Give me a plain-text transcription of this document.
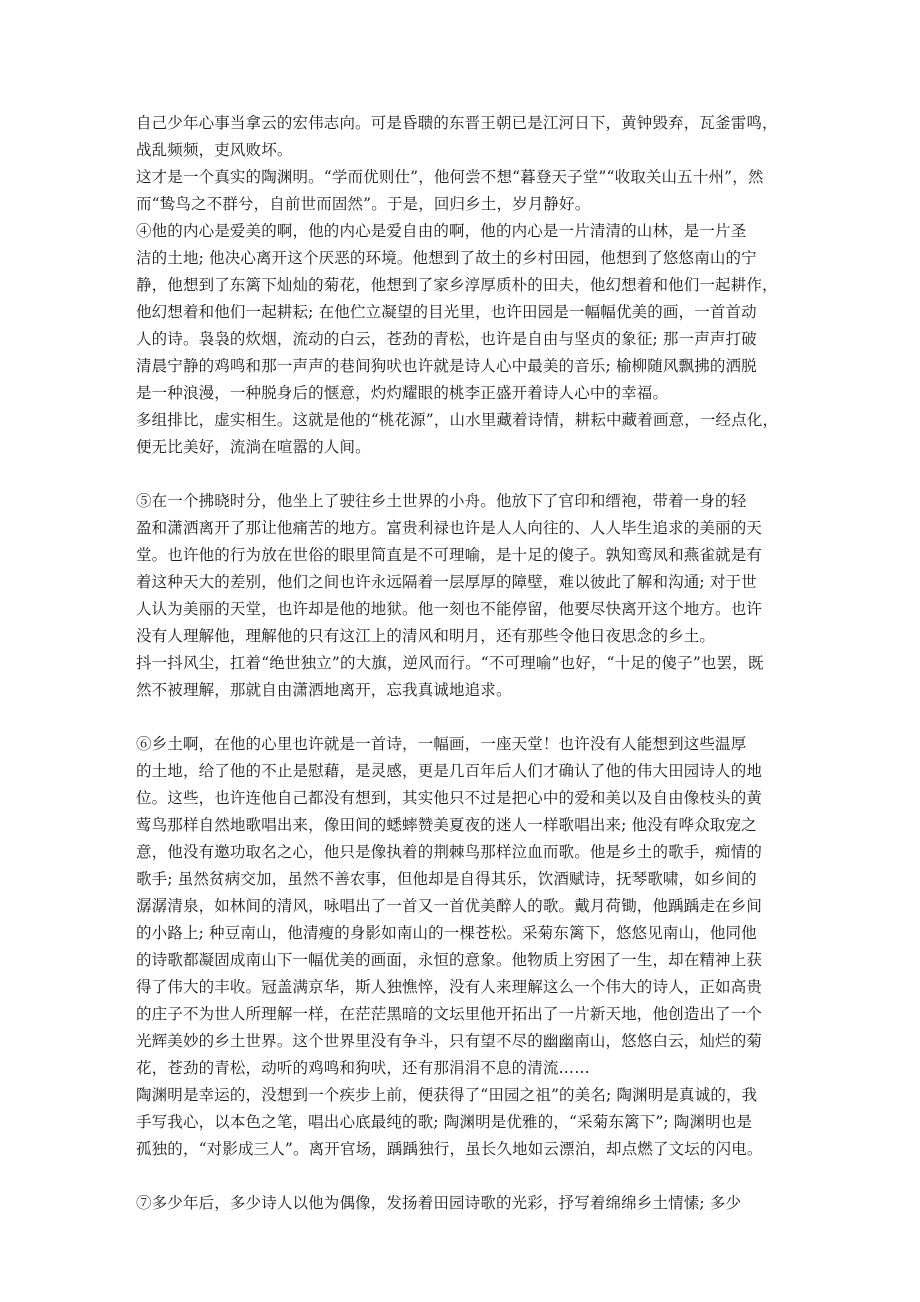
自己少年心事当拿云的宏伟志向。可是昏聩的东晋王朝已是江河日下，黄钟毁弃，瓦釜雷鸣，
战乱频频，吏风败坏。
这才是一个真实的陶渊明。“学而优则仕”，他何尝不想“暮登天子堂”“收取关山五十州”，然
而“鸷鸟之不群兮，自前世而固然”。于是，回归乡土，岁月静好。
④他的内心是爱美的啊，他的内心是爱自由的啊，他的内心是一片清清的山林，是一片圣
洁的土地; 他决心离开这个厌恶的环境。他想到了故土的乡村田园，他想到了悠悠南山的宁
静，他想到了东篱下灿灿的菊花，他想到了家乡淳厚质朴的田夫，他幻想着和他们一起耕作，
他幻想着和他们一起耕耘; 在他伫立凝望的目光里，也许田园是一幅幅优美的画，一首首动
人的诗。袅袅的炊烟，流动的白云，苍劲的青松，也许是自由与坚贞的象征; 那一声声打破
清晨宁静的鸡鸣和那一声声的巷间狗吠也许就是诗人心中最美的音乐; 榆柳随风飘拂的洒脱
是一种浪漫，一种脱身后的惬意，灼灼耀眼的桃李正盛开着诗人心中的幸福。
多组排比，虚实相生。这就是他的“桃花源”，山水里藏着诗情，耕耘中藏着画意，一经点化，
便无比美好，流淌在喧嚣的人间。
⑤在一个拂晓时分，他坐上了驶往乡土世界的小舟。他放下了官印和缙袍，带着一身的轻
盈和潇洒离开了那让他痛苦的地方。富贵利禄也许是人人向往的、人人毕生追求的美丽的天
堂。也许他的行为放在世俗的眼里简直是不可理喻，是十足的傻子。孰知鸾凤和燕雀就是有
着这种天大的差别，他们之间也许永远隔着一层厚厚的障壁，难以彼此了解和沟通; 对于世
人认为美丽的天堂，也许却是他的地狱。他一刻也不能停留，他要尽快离开这个地方。也许
没有人理解他，理解他的只有这江上的清风和明月，还有那些令他日夜思念的乡土。
抖一抖风尘，扛着“绝世独立”的大旗，逆风而行。“不可理喻”也好，“十足的傻子”也罢，既
然不被理解，那就自由潇洒地离开，忘我真诚地追求。
⑥乡土啊，在他的心里也许就是一首诗，一幅画，一座天堂！也许没有人能想到这些温厚
的土地，给了他的不止是慰藉，是灵感，更是几百年后人们才确认了他的伟大田园诗人的地
位。这些，也许连他自己都没有想到，其实他只不过是把心中的爱和美以及自由像枝头的黄
莺鸟那样自然地歌唱出来，像田间的蟋蟀赞美夏夜的迷人一样歌唱出来; 他没有哗众取宠之
意，他没有邀功取名之心，他只是像执着的荆棘鸟那样泣血而歌。他是乡土的歌手，痴情的
歌手; 虽然贫病交加，虽然不善农事，但他却是自得其乐，饮酒赋诗，抚琴歌啸，如乡间的
潺潺清泉，如林间的清风，咏唱出了一首又一首优美醉人的歌。戴月荷锄，他踽踽走在乡间
的小路上; 种豆南山，他清瘦的身影如南山的一棵苍松。采菊东篱下，悠悠见南山，他同他
的诗歌都凝固成南山下一幅优美的画面，永恒的意象。他物质上穷困了一生，却在精神上获
得了伟大的丰收。冠盖满京华，斯人独憔悴，没有人来理解这么一个伟大的诗人，正如高贵
的庄子不为世人所理解一样，在茫茫黑暗的文坛里他开拓出了一片新天地，他创造出了一个
光辉美妙的乡土世界。这个世界里没有争斗，只有望不尽的幽幽南山，悠悠白云，灿烂的菊
花，苍劲的青松，动听的鸡鸣和狗吠，还有那涓涓不息的清流……
陶渊明是幸运的，没想到一个疾步上前，便获得了“田园之祖”的美名; 陶渊明是真诚的，我
手写我心，以本色之笔，唱出心底最纯的歌; 陶渊明是优雅的，“采菊东篱下”; 陶渊明也是
孤独的，“对影成三人”。离开官场，踽踽独行，虽长久地如云漂泊，却点燃了文坛的闪电。
⑦多少年后，多少诗人以他为偶像，发扬着田园诗歌的光彩，抒写着绵绵乡土情愫; 多少
